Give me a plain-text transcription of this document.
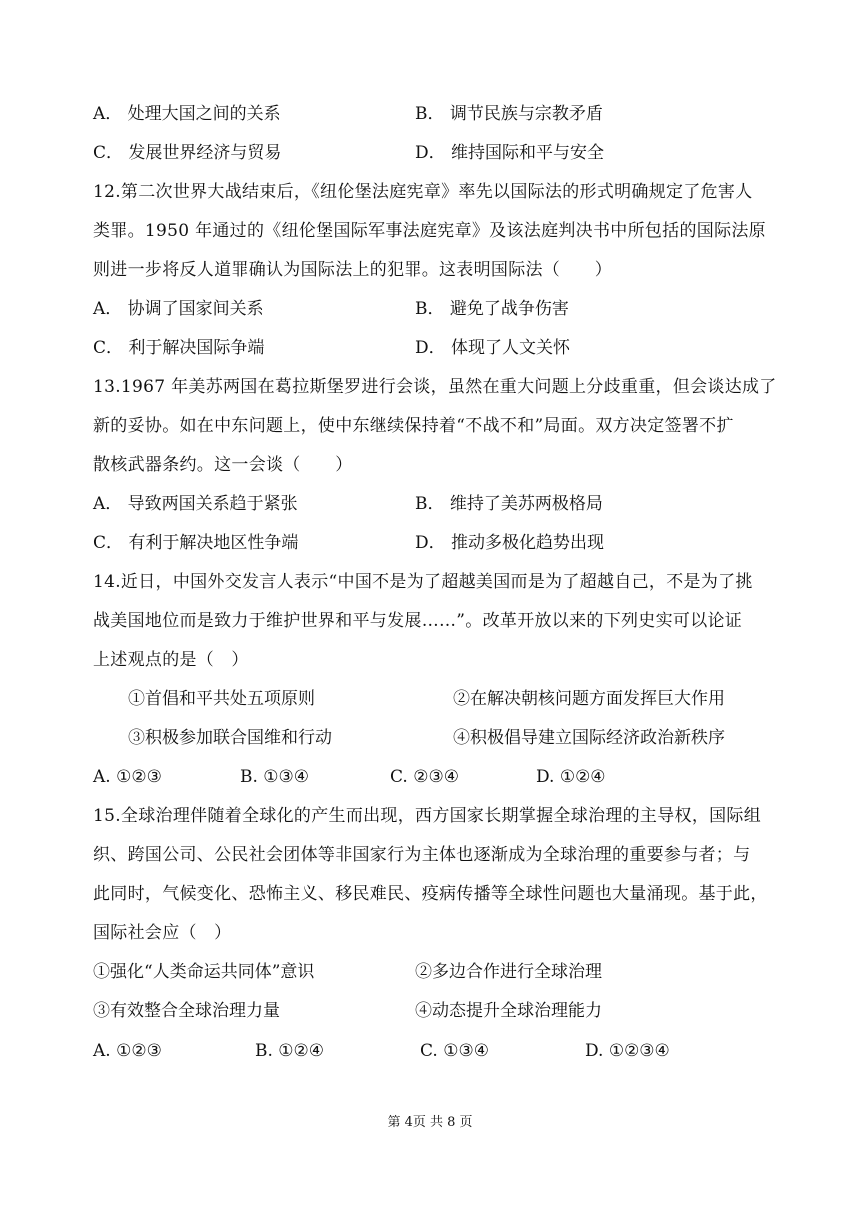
A． 处理大国之间的关系	B． 调节民族与宗教矛盾
C． 发展世界经济与贸易	D． 维持国际和平与安全
12.第二次世界大战结束后，《纽伦堡法庭宪章》率先以国际法的形式明确规定了危害人
类罪。1950 年通过的《纽伦堡国际军事法庭宪章》及该法庭判决书中所包括的国际法原
则进一步将反人道罪确认为国际法上的犯罪。这表明国际法（　　）
A． 协调了国家间关系	B． 避免了战争伤害
C． 利于解决国际争端	D． 体现了人文关怀
13.1967 年美苏两国在葛拉斯堡罗进行会谈，虽然在重大问题上分歧重重，但会谈达成了
新的妥协。如在中东问题上，使中东继续保持着“不战不和”局面。双方决定签署不扩
散核武器条约。这一会谈（　　）
A． 导致两国关系趋于紧张	B． 维持了美苏两极格局
C． 有利于解决地区性争端	D． 推动多极化趋势出现
14.近日，中国外交发言人表示“中国不是为了超越美国而是为了超越自己，不是为了挑
战美国地位而是致力于维护世界和平与发展……”。改革开放以来的下列史实可以论证
上述观点的是（　）
①首倡和平共处五项原则	②在解决朝核问题方面发挥巨大作用
③积极参加联合国维和行动	④积极倡导建立国际经济政治新秩序
A. ①②③	B. ①③④	C. ②③④	D. ①②④
15.全球治理伴随着全球化的产生而出现，西方国家长期掌握全球治理的主导权，国际组
织、跨国公司、公民社会团体等非国家行为主体也逐渐成为全球治理的重要参与者；与
此同时，气候变化、恐怖主义、移民难民、疫病传播等全球性问题也大量涌现。基于此，
国际社会应（　）
①强化“人类命运共同体”意识	②多边合作进行全球治理
③有效整合全球治理力量	④动态提升全球治理能力
A. ①②③	B. ①②④	C. ①③④	D. ①②③④
第 4页 共 8 页
